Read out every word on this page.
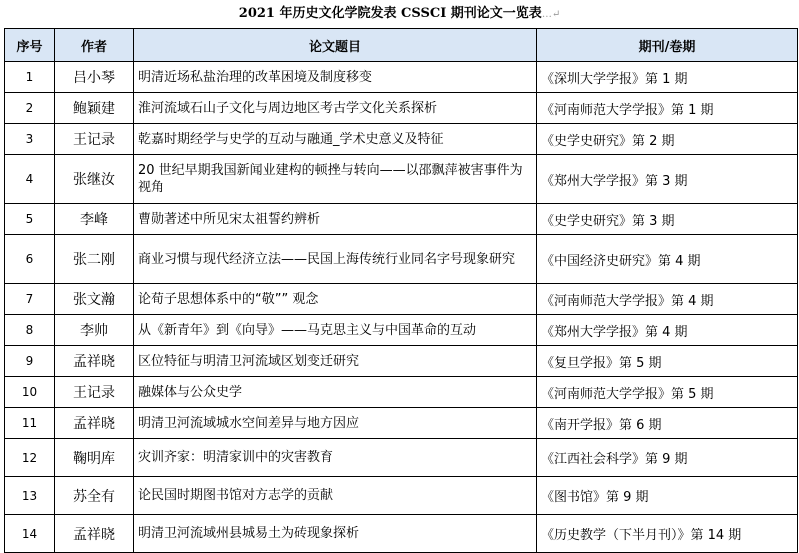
2021 年历史文化学院发表 CSSCI 期刊论文一览表…↵
序号	作者	论文题目	期刊/卷期
1	吕小琴	明清近场私盐治理的改革困境及制度移变	《深圳大学学报》第 1 期
2	鲍颖建	淮河流域石山子文化与周边地区考古学文化关系探析	《河南师范大学学报》第 1 期
3	王记录	乾嘉时期经学与史学的互动与融通_学术史意义及特征	《史学史研究》第 2 期
4	张继汝	20 世纪早期我国新闻业建构的顿挫与转向——以邵飘萍被害事件为视角	《郑州大学学报》第 3 期
5	李峰	曹勋著述中所见宋太祖誓约辨析	《史学史研究》第 3 期
6	张二刚	商业习惯与现代经济立法——民国上海传统行业同名字号现象研究	《中国经济史研究》第 4 期
7	张文瀚	论荀子思想体系中的“敬”” 观念	《河南师范大学学报》第 4 期
8	李帅	从《新青年》到《向导》——马克思主义与中国革命的互动	《郑州大学学报》第 4 期
9	孟祥晓	区位特征与明清卫河流域区划变迁研究	《复旦学报》第 5 期
10	王记录	融媒体与公众史学	《河南师范大学学报》第 5 期
11	孟祥晓	明清卫河流域城水空间差异与地方因应	《南开学报》第 6 期
12	鞠明库	灾训齐家：明清家训中的灾害教育	《江西社会科学》第 9 期
13	苏全有	论民国时期图书馆对方志学的贡献	《图书馆》第 9 期
14	孟祥晓	明清卫河流域州县城易土为砖现象探析	《历史教学（下半月刊）》第 14 期
